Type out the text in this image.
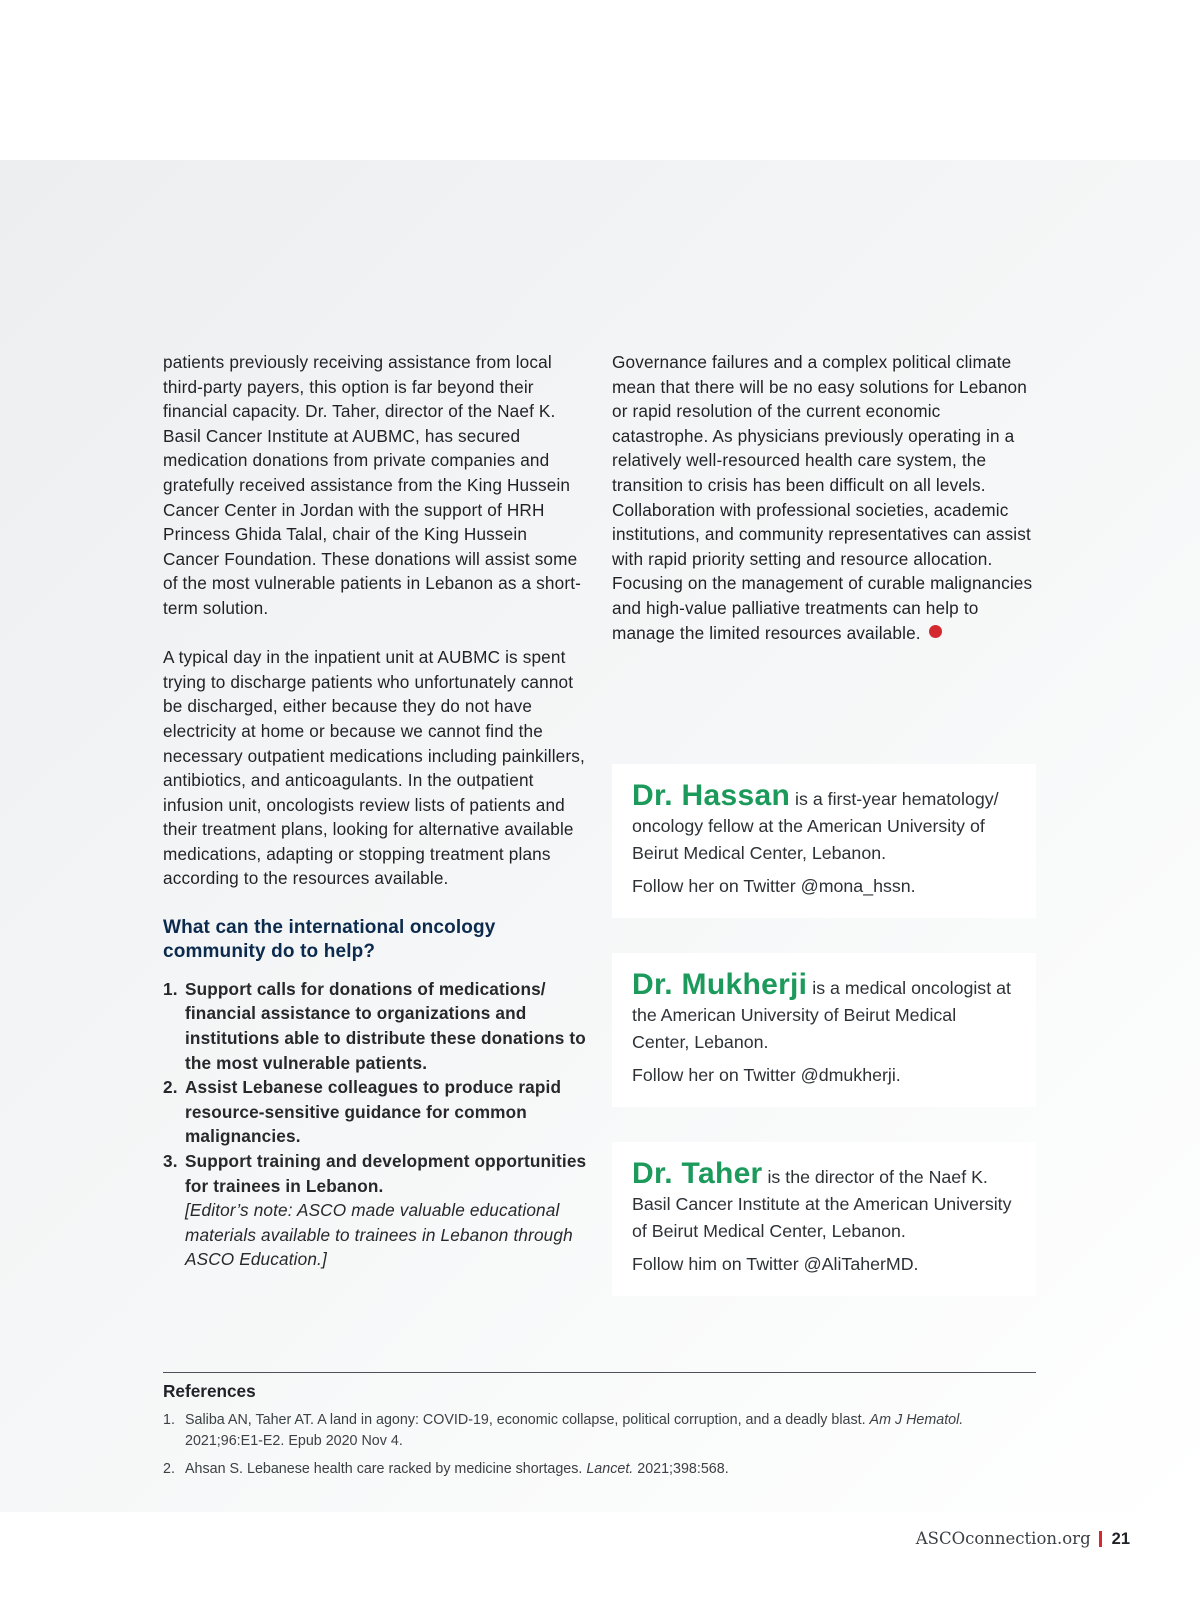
patients previously receiving assistance from local third-party payers, this option is far beyond their financial capacity. Dr. Taher, director of the Naef K. Basil Cancer Institute at AUBMC, has secured medication donations from private companies and gratefully received assistance from the King Hussein Cancer Center in Jordan with the support of HRH Princess Ghida Talal, chair of the King Hussein Cancer Foundation. These donations will assist some of the most vulnerable patients in Lebanon as a short-term solution.

A typical day in the inpatient unit at AUBMC is spent trying to discharge patients who unfortunately cannot be discharged, either because they do not have electricity at home or because we cannot find the necessary outpatient medications including painkillers, antibiotics, and anticoagulants. In the outpatient infusion unit, oncologists review lists of patients and their treatment plans, looking for alternative available medications, adapting or stopping treatment plans according to the resources available.

What can the international oncology community do to help?
1. Support calls for donations of medications/ financial assistance to organizations and institutions able to distribute these donations to the most vulnerable patients.
2. Assist Lebanese colleagues to produce rapid resource-sensitive guidance for common malignancies.
3. Support training and development opportunities for trainees in Lebanon.
[Editor’s note: ASCO made valuable educational materials available to trainees in Lebanon through ASCO Education.]

Governance failures and a complex political climate mean that there will be no easy solutions for Lebanon or rapid resolution of the current economic catastrophe. As physicians previously operating in a relatively well-resourced health care system, the transition to crisis has been difficult on all levels. Collaboration with professional societies, academic institutions, and community representatives can assist with rapid priority setting and resource allocation. Focusing on the management of curable malignancies and high-value palliative treatments can help to manage the limited resources available.

Dr. Hassan is a first-year hematology/ oncology fellow at the American University of Beirut Medical Center, Lebanon.
Follow her on Twitter @mona_hssn.
Dr. Mukherji is a medical oncologist at the American University of Beirut Medical Center, Lebanon.
Follow her on Twitter @dmukherji.
Dr. Taher is the director of the Naef K. Basil Cancer Institute at the American University of Beirut Medical Center, Lebanon.
Follow him on Twitter @AliTaherMD.
References
1. Saliba AN, Taher AT. A land in agony: COVID-19, economic collapse, political corruption, and a deadly blast. Am J Hematol. 2021;96:E1-E2. Epub 2020 Nov 4.
2. Ahsan S. Lebanese health care racked by medicine shortages. Lancet. 2021;398:568.
ASCOconnection.org 21
